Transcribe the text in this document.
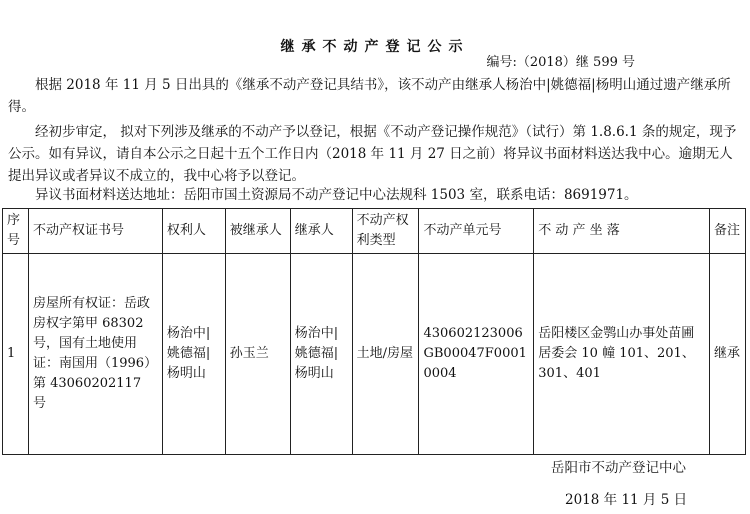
继承不动产登记公示
编号:（2018）继 599 号

根据 2018 年 11 月 5 日出具的《继承不动产登记具结书》，该不动产由继承人杨治中|姚德福|杨明山通过遗产继承所得。

经初步审定， 拟对下列涉及继承的不动产予以登记，根据《不动产登记操作规范》（试行）第 1.8.6.1 条的规定，现予公示。如有异议，请自本公示之日起十五个工作日内（2018 年 11 月 27 日之前）将异议书面材料送达我中心。逾期无人提出异议或者异议不成立的，我中心将予以登记。

异议书面材料送达地址：岳阳市国土资源局不动产登记中心法规科 1503 室，联系电话：8691971。

序号	不动产权证书号	权利人	被继承人	继承人	不动产权利类型	不动产单元号	不 动 产 坐 落	备注
1	房屋所有权证：岳政房权字第甲 68302号，国有土地使用证：南国用（1996）第 43060202117 号	杨治中|姚德福|杨明山	孙玉兰	杨治中|姚德福|杨明山	土地/房屋	430602123006GB00047F00010004	岳阳楼区金鹗山办事处苗圃居委会 10 幢 101、201、301、401	继承
岳阳市不动产登记中心
2018 年 11 月 5 日
